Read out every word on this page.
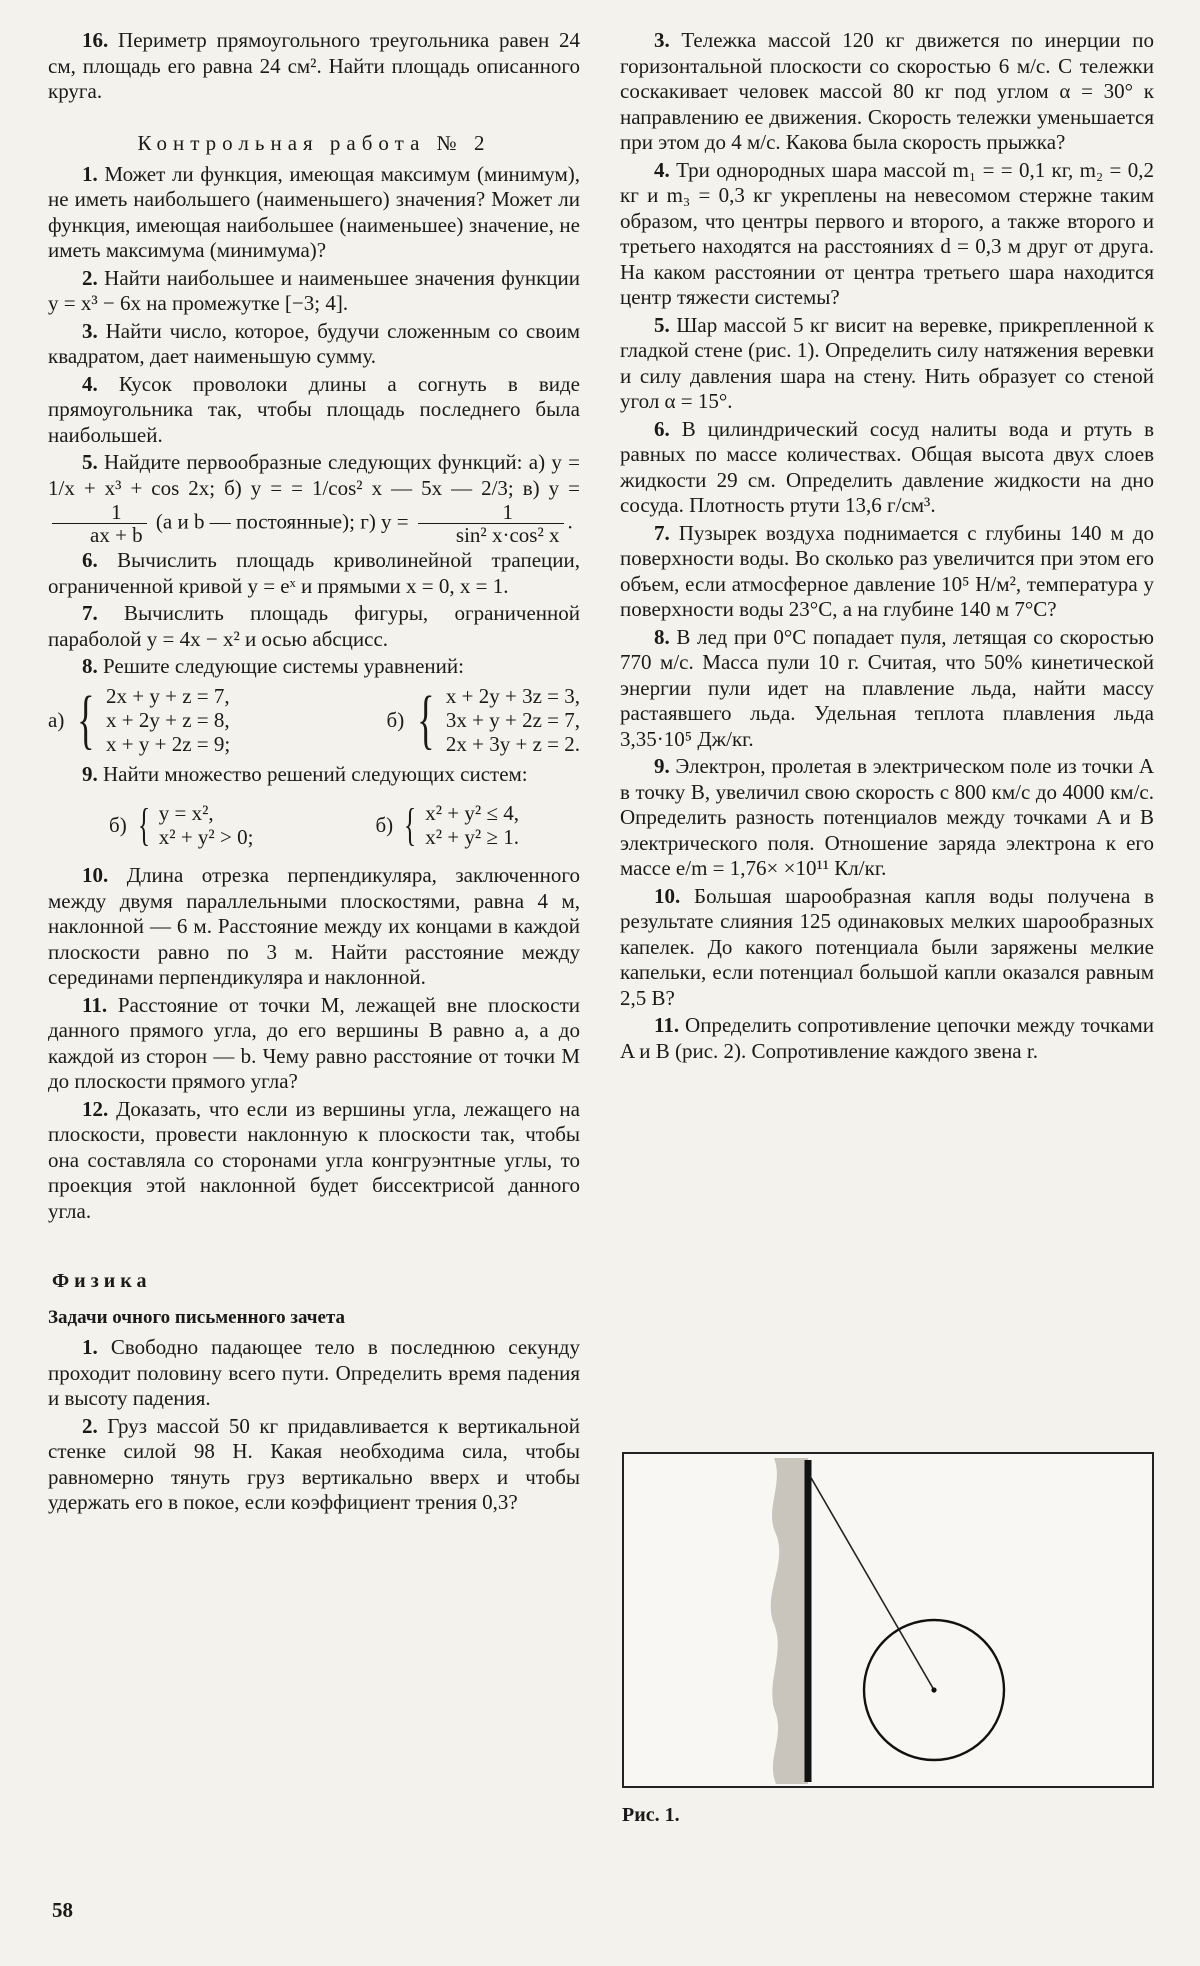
16. Периметр прямоугольного треугольника равен 24 см, площадь его равна 24 см². Найти площадь описанного круга.

Контрольная работа № 2

1. Может ли функция, имеющая максимум (минимум), не иметь наибольшего (наименьшего) значения? Может ли функция, имеющая наибольшее (наименьшее) значение, не иметь максимума (минимума)?

2. Найти наибольшее и наименьшее значения функции y = x³ − 6x на промежутке [−3; 4].

3. Найти число, которое, будучи сложенным со своим квадратом, дает наименьшую сумму.

4. Кусок проволоки длины a согнуть в виде прямоугольника так, чтобы площадь последнего была наибольшей.

5. Найдите первообразные следующих функций: а) y = 1/x + x³ + cos 2x; б) y = = 1/cos² x — 5x — 2/3; в) y =
$\frac{1}{ax + b} (a$ и b — постоянные); г) $y = \frac{1}{\text{sin² x·cos² x}}$ .

6. Вычислить площадь криволинейной трапеции, ограниченной кривой y = eˣ и прямыми x = 0, x = 1.

7. Вычислить площадь фигуры, ограниченной параболой y = 4x − x² и осью абсцисс.

8. Решите следующие системы уравнений:

а) { 2x + y + z = 7,
x + 2y + z = 8,
x + y + 2z = 9;
б) { x + 2y + 3z = 3,
3x + y + 2z = 7,
2x + 3y + z = 2.

9. Найти множество решений следующих систем:

б) { y = x²,
x² + y² > 0;	б) { x² + y² ≤ 4,
x² + y² ≥ 1.

10. Длина отрезка перпендикуляра, заключенного между двумя параллельными плоскостями, равна 4 м, наклонной — 6 м. Расстояние между их концами в каждой плоскости равно по 3 м. Найти расстояние между серединами перпендикуляра и наклонной.

11. Расстояние от точки M, лежащей вне плоскости данного прямого угла, до его вершины B равно a, а до каждой из сторон — b. Чему равно расстояние от точки M до плоскости прямого угла?

12. Доказать, что если из вершины угла, лежащего на плоскости, провести наклонную к плоскости так, чтобы она составляла со сторонами угла конгруэнтные углы, то проекция этой наклонной будет биссектрисой данного угла.

Физика
Задачи очного письменного зачета

1. Свободно падающее тело в последнюю секунду проходит половину всего пути. Определить время падения и высоту падения.

2. Груз массой 50 кг придавливается к вертикальной стенке силой 98 Н. Какая необходима сила, чтобы равномерно тянуть груз вертикально вверх и чтобы удержать его в покое, если коэффициент трения 0,3?

3. Тележка массой 120 кг движется по инерции по горизонтальной плоскости со скоростью 6 м/с. С тележки соскакивает человек массой 80 кг под углом α = 30° к направлению ее движения. Скорость тележки уменьшается при этом до 4 м/с. Какова была скорость прыжка?

4. Три однородных шара массой m₁ = = 0,1 кг, m₂ = 0,2 кг и m₃ = 0,3 кг укреплены на невесомом стержне таким образом, что центры первого и второго, а также второго и третьего находятся на расстояниях d = 0,3 м друг от друга. На каком расстоянии от центра третьего шара находится центр тяжести системы?

5. Шар массой 5 кг висит на веревке, прикрепленной к гладкой стене (рис. 1). Определить силу натяжения веревки и силу давления шара на стену. Нить образует со стеной угол α = 15°.

6. В цилиндрический сосуд налиты вода и ртуть в равных по массе количествах. Общая высота двух слоев жидкости 29 см. Определить давление жидкости на дно сосуда. Плотность ртути 13,6 г/см³.

7. Пузырек воздуха поднимается с глубины 140 м до поверхности воды. Во сколько раз увеличится при этом его объем, если атмосферное давление 10⁵ Н/м², температура у поверхности воды 23°С, а на глубине 140 м 7°С?

8. В лед при 0°С попадает пуля, летящая со скоростью 770 м/с. Масса пули 10 г. Считая, что 50% кинетической энергии пули идет на плавление льда, найти массу растаявшего льда. Удельная теплота плавления льда 3,35·10⁵ Дж/кг.

9. Электрон, пролетая в электрическом поле из точки A в точку B, увеличил свою скорость с 800 км/с до 4000 км/с. Определить разность потенциалов между точками A и B электрического поля. Отношение заряда электрона к его массе e/m = 1,76× ×10¹¹ Кл/кг.

10. Большая шарообразная капля воды получена в результате слияния 125 одинаковых мелких шарообразных капелек. До какого потенциала были заряжены мелкие капельки, если потенциал большой капли оказался равным 2,5 В?

11. Определить сопротивление цепочки между точками A и B (рис. 2). Сопротивление каждого звена r.

Рис. 1.
58
